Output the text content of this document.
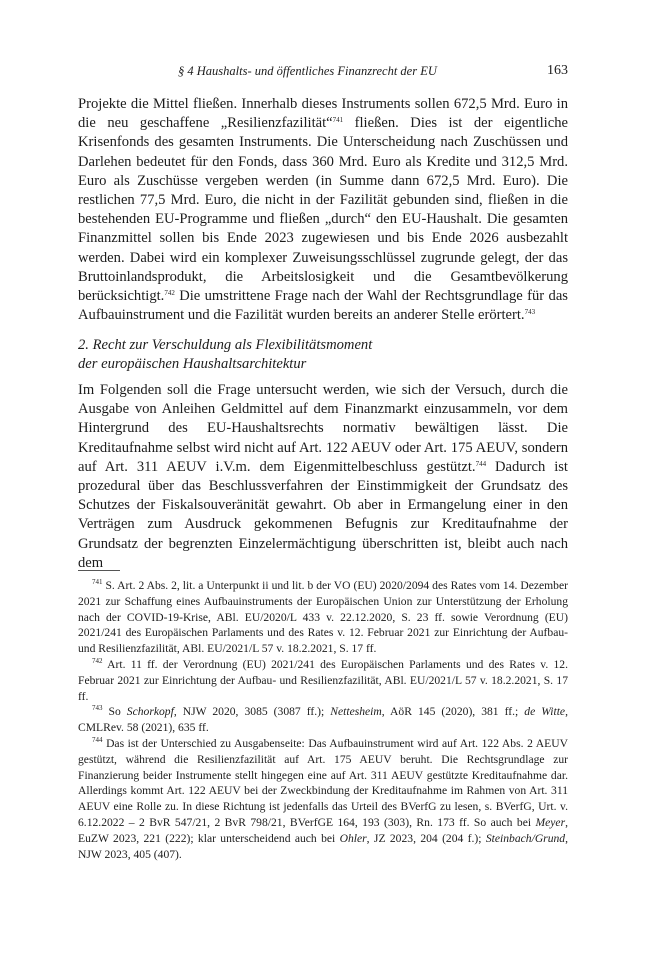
§ 4 Haushalts- und öffentliches Finanzrecht der EU	163

Projekte die Mittel fließen. Innerhalb dieses Instruments sollen 672,5 Mrd. Euro in die neu geschaffene „Resilienzfazilität“$^{741}$ fließen. Dies ist der eigentliche Krisenfonds des gesamten Instruments. Die Unterscheidung nach Zuschüssen und Darlehen bedeutet für den Fonds, dass 360 Mrd. Euro als Kredite und 312,5 Mrd. Euro als Zuschüsse vergeben werden (in Summe dann 672,5 Mrd. Euro). Die restlichen 77,5 Mrd. Euro, die nicht in der Fazilität gebunden sind, fließen in die bestehenden EU-Programme und fließen „durch“ den EU-Haushalt. Die gesamten Finanzmittel sollen bis Ende 2023 zugewiesen und bis Ende 2026 ausbezahlt werden. Dabei wird ein komplexer Zuweisungsschlüssel zugrunde gelegt, der das Bruttoinlandsprodukt, die Arbeitslosigkeit und die Gesamtbevölkerung berücksichtigt.$^{742}$ Die umstrittene Frage nach der Wahl der Rechtsgrundlage für das Aufbauinstrument und die Fazilität wurden bereits an anderer Stelle erörtert.$^{743}$

2. Recht zur Verschuldung als Flexibilitätsmoment
der europäischen Haushaltsarchitektur

Im Folgenden soll die Frage untersucht werden, wie sich der Versuch, durch die Ausgabe von Anleihen Geldmittel auf dem Finanzmarkt einzusammeln, vor dem Hintergrund des EU-Haushaltsrechts normativ bewältigen lässt. Die Kreditaufnahme selbst wird nicht auf Art. 122 AEUV oder Art. 175 AEUV, sondern auf Art. 311 AEUV i.V.m. dem Eigenmittelbeschluss gestützt.$^{744}$ Dadurch ist prozedural über das Beschlussverfahren der Einstimmigkeit der Grundsatz des Schutzes der Fiskalsouveränität gewahrt. Ob aber in Ermangelung einer in den Verträgen zum Ausdruck gekommenen Befugnis zur Kreditaufnahme der Grundsatz der begrenzten Einzelermächtigung überschritten ist, bleibt auch nach dem

$^{741}$ S. Art. 2 Abs. 2, lit. a Unterpunkt ii und lit. b der VO (EU) 2020/2094 des Rates vom 14. Dezember 2021 zur Schaffung eines Aufbauinstruments der Europäischen Union zur Unterstützung der Erholung nach der COVID-19-Krise, ABl. EU/2020/L 433 v. 22.12.2020, S. 23 ff. sowie Verordnung (EU) 2021/241 des Europäischen Parlaments und des Rates v. 12. Februar 2021 zur Einrichtung der Aufbau- und Resilienzfazilität, ABl. EU/2021/L 57 v. 18.2.2021, S. 17 ff.

$^{742}$ Art. 11 ff. der Verordnung (EU) 2021/241 des Europäischen Parlaments und des Rates v. 12. Februar 2021 zur Einrichtung der Aufbau- und Resilienzfazilität, ABl. EU/2021/L 57 v. 18.2.2021, S. 17 ff.

$^{743}$ So Schorkopf, NJW 2020, 3085 (3087 ff.); Nettesheim, AöR 145 (2020), 381 ff.; de Witte, CMLRev. 58 (2021), 635 ff.

$^{744}$ Das ist der Unterschied zu Ausgabenseite: Das Aufbauinstrument wird auf Art. 122 Abs. 2 AEUV gestützt, während die Resilienzfazilität auf Art. 175 AEUV beruht. Die Rechtsgrundlage zur Finanzierung beider Instrumente stellt hingegen eine auf Art. 311 AEUV gestützte Kreditaufnahme dar. Allerdings kommt Art. 122 AEUV bei der Zweckbindung der Kreditaufnahme im Rahmen von Art. 311 AEUV eine Rolle zu. In diese Richtung ist jedenfalls das Urteil des BVerfG zu lesen, s. BVerfG, Urt. v. 6.12.2022 – 2 BvR 547/21, 2 BvR 798/21, BVerfGE 164, 193 (303), Rn. 173 ff. So auch bei Meyer, EuZW 2023, 221 (222); klar unterscheidend auch bei Ohler, JZ 2023, 204 (204 f.); Steinbach/Grund, NJW 2023, 405 (407).
